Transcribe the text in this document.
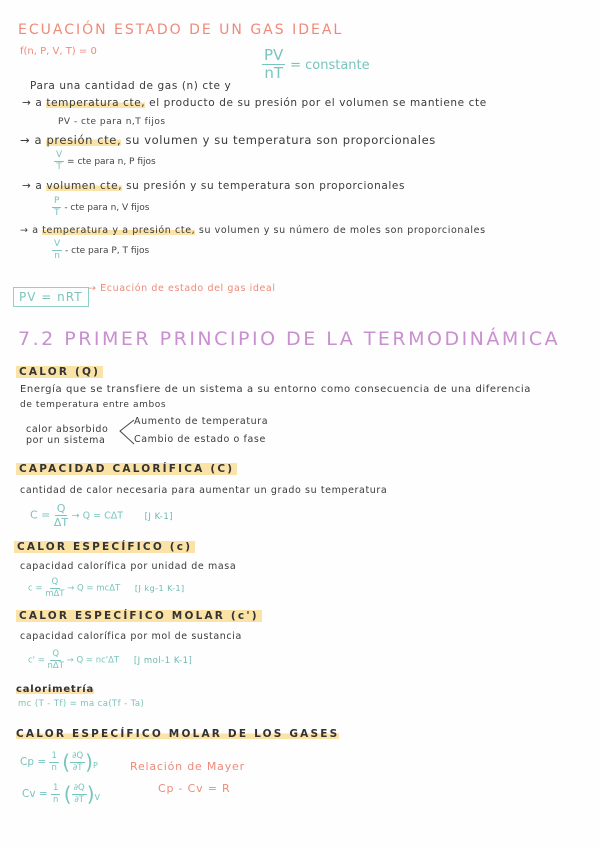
ECUACIÓN ESTADO DE UN GAS IDEAL
f(n, P, V, T) = 0	$\frac{PV}{nT}$ = constante
Para una cantidad de gas (n) cte y
→ a temperatura cte, el producto de su presión por el volumen se mantiene cte
PV - cte para n,T fijos
→ a presión cte, su volumen y su temperatura son proporcionales
$\frac{V}{T}$ = cte para n, P fijos
→ a volumen cte, su presión y su temperatura son proporcionales
$\frac{P}{T}$ - cte para n, V fijos
→ a temperatura y a presión cte, su volumen y su número de moles son proporcionales
$\frac{V}{n}$ - cte para P, T fijos
PV = nRT
→ Ecuación de estado del gas ideal
7.2 PRIMER PRINCIPIO DE LA TERMODINÁMICA
CALOR (Q)
Energía que se transfiere de un sistema a su entorno como consecuencia de una diferencia
de temperatura entre ambos
calor absorbido
por un sistema
Aumento de temperatura
Cambio de estado o fase
CAPACIDAD CALORÍFICA (C)
cantidad de calor necesaria para aumentar un grado su temperatura
$C = \frac{Q}{\Delta T} \to Q = C\Delta T$	[J K-1]
CALOR ESPECÍFICO (c)
capacidad calorífica por unidad de masa
$c = \frac{Q}{\text{mΔT}} \to Q = mc\Delta T$ [J kg-1 K-1]
CALOR ESPECÍFICO MOLAR (c')
capacidad calorífica por mol de sustancia
$c' = \frac{Q}{\text{nΔT}} \to Q = nc'\Delta T$ [J mol-1 K-1]
calorimetría
mc (T - Tf) = ma ca(Tf - Ta)
CALOR ESPECÍFICO MOLAR DE LOS GASES
$Cp = \frac{1}{n}$ ( $\frac{\partial Q}{\partial T} )_P$	Relación de Mayer
$Cv = \frac{1}{n}$ ( $\frac{\partial Q}{\partial T} )_V$
Cp - Cv = R
